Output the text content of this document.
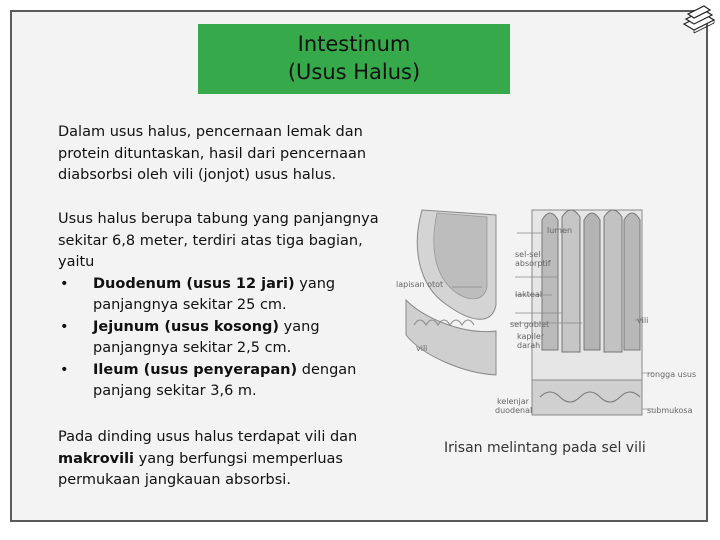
Intestinum
(Usus Halus)
Dalam usus halus, pencernaan lemak dan protein dituntaskan, hasil dari pencernaan diabsorbsi oleh vili (jonjot) usus halus.
Usus halus berupa tabung yang panjangnya sekitar 6,8 meter, terdiri atas tiga bagian, yaitu
• Duodenum (usus 12 jari) yang panjangnya sekitar 25 cm.
• Jejunum (usus kosong) yang panjangnya sekitar 2,5 cm.
• Ileum (usus penyerapan) dengan panjang sekitar 3,6 m.
Pada dinding usus halus terdapat vili dan makrovili yang berfungsi memperluas permukaan jangkauan absorbsi.
lumen
sel-sel
absorptif
lapisan otot
lakteal
sel goblet
kapiler
darah
vili
vili
rongga usus
kelenjar
duodenal	submukosa
Irisan melintang pada sel vili
